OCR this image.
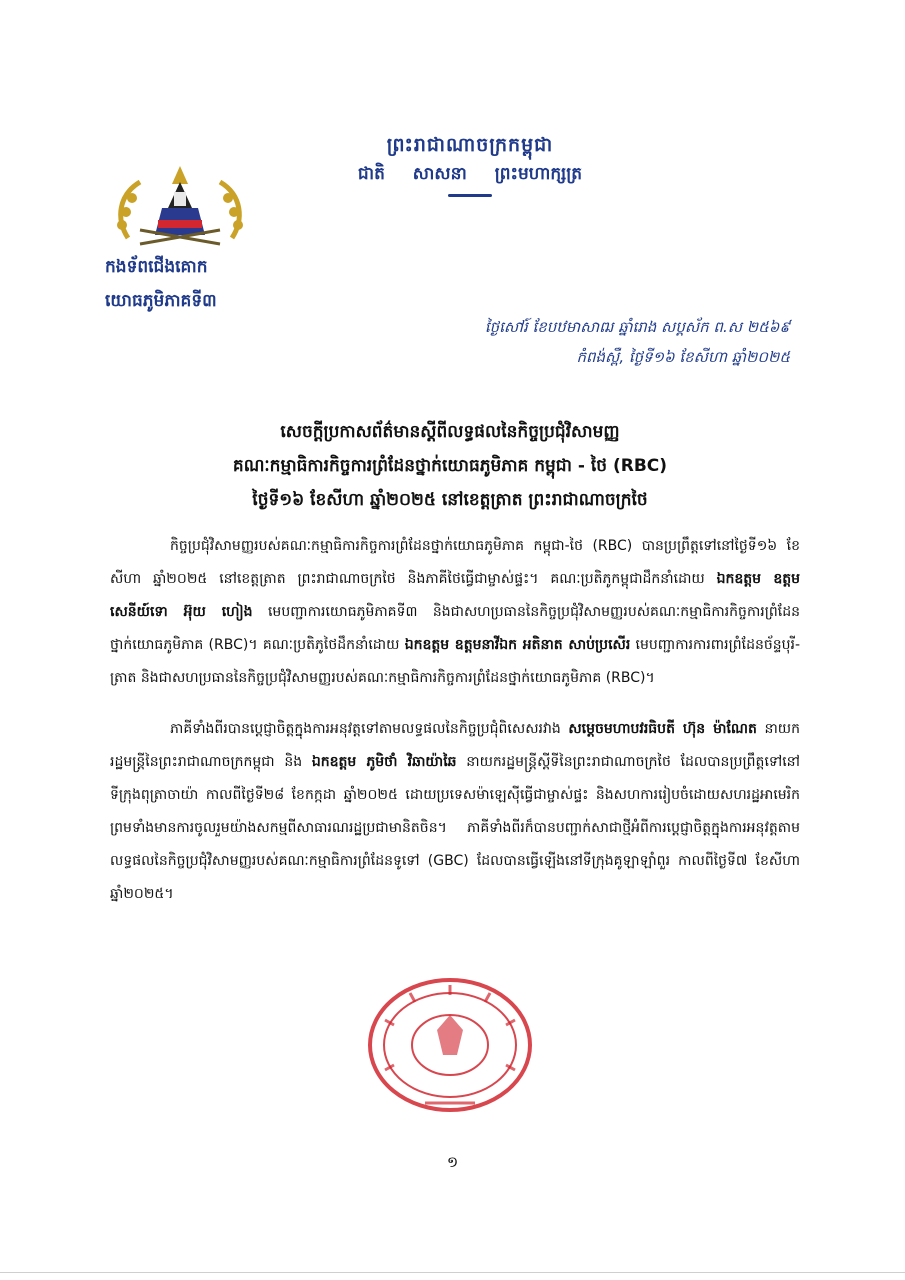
ព្រះរាជាណាចក្រកម្ពុជា
ជាតិ សាសនា ព្រះមហាក្សត្រ
កងទ័ពជើងគោក
យោធភូមិភាគទី៣
ថ្ងៃសៅរ៍ ខែបឋមាសាឍ ឆ្នាំរោង សប្តស័ក ព.ស ២៥៦៩
កំពង់ស្ពឺ, ថ្ងៃទី១៦ ខែសីហា ឆ្នាំ២០២៥
សេចក្តីប្រកាសព័ត៌មានស្តីពីលទ្ធផលនៃកិច្ចប្រជុំវិសាមញ្ញ
គណៈកម្មាធិការកិច្ចការព្រំដែនថ្នាក់យោធភូមិភាគ កម្ពុជា - ថៃ (RBC)
ថ្ងៃទី១៦ ខែសីហា ឆ្នាំ២០២៥ នៅខេត្តត្រាត ព្រះរាជាណាចក្រថៃ

កិច្ចប្រជុំវិសាមញ្ញរបស់គណៈកម្មាធិការកិច្ចការព្រំដែនថ្នាក់យោធភូមិភាគ កម្ពុជា-ថៃ (RBC) បានប្រព្រឹត្តទៅនៅថ្ងៃទី១៦ ខែសីហា ឆ្នាំ២០២៥ នៅខេត្តត្រាត ព្រះរាជាណាចក្រថៃ និងភាគីថៃធ្វើជាម្ចាស់ផ្ទះ។ គណៈប្រតិភូកម្ពុជាដឹកនាំដោយ ឯកឧត្តម ឧត្តមសេនីយ៍ទោ អ៊ុយ ហៀង មេបញ្ជាការយោធភូមិភាគទី៣ និងជាសហប្រធាននៃកិច្ចប្រជុំវិសាមញ្ញរបស់គណៈកម្មាធិការកិច្ចការព្រំដែនថ្នាក់យោធភូមិភាគ (RBC)។ គណៈប្រតិភូថៃដឹកនាំដោយ ឯកឧត្តម ឧត្តមនាវីឯក អតិនាត សាប់ប្រសើរ មេបញ្ជាការការពារព្រំដែនច័ន្ទបុរី-ត្រាត និងជាសហប្រធាននៃកិច្ចប្រជុំវិសាមញ្ញរបស់គណៈកម្មាធិការកិច្ចការព្រំដែនថ្នាក់យោធភូមិភាគ (RBC)។

ភាគីទាំងពីរបានប្តេជ្ញាចិត្តក្នុងការអនុវត្តទៅតាមលទ្ធផលនៃកិច្ចប្រជុំពិសេសរវាង សម្តេចមហាបវរធិបតី ហ៊ុន ម៉ាណែត នាយករដ្ឋមន្ត្រីនៃព្រះរាជាណាចក្រកម្ពុជា និង ឯកឧត្តម ភូមិថាំ វិឆាយ៉ាឆៃ នាយករដ្ឋមន្ត្រីស្តីទីនៃព្រះរាជាណាចក្រថៃ ដែលបានប្រព្រឹត្តទៅនៅទីក្រុងពុត្រាចាយ៉ា កាលពីថ្ងៃទី២៨ ខែកក្កដា ឆ្នាំ២០២៥ ដោយប្រទេសម៉ាឡេស៊ីធ្វើជាម្ចាស់ផ្ទះ និងសហការរៀបចំដោយសហរដ្ឋអាមេរិក ព្រមទាំងមានការចូលរួមយ៉ាងសកម្មពីសាធារណរដ្ឋប្រជាមានិតចិន។ ភាគីទាំងពីរក៏បានបញ្ជាក់សាជាថ្មីអំពីការប្តេជ្ញាចិត្តក្នុងការអនុវត្តតាមលទ្ធផលនៃកិច្ចប្រជុំវិសាមញ្ញរបស់គណៈកម្មាធិការព្រំដែនទូទៅ (GBC) ដែលបានធ្វើឡើងនៅទីក្រុងគូឡាឡាំពួរ កាលពីថ្ងៃទី៧ ខែសីហា ឆ្នាំ២០២៥។

១
